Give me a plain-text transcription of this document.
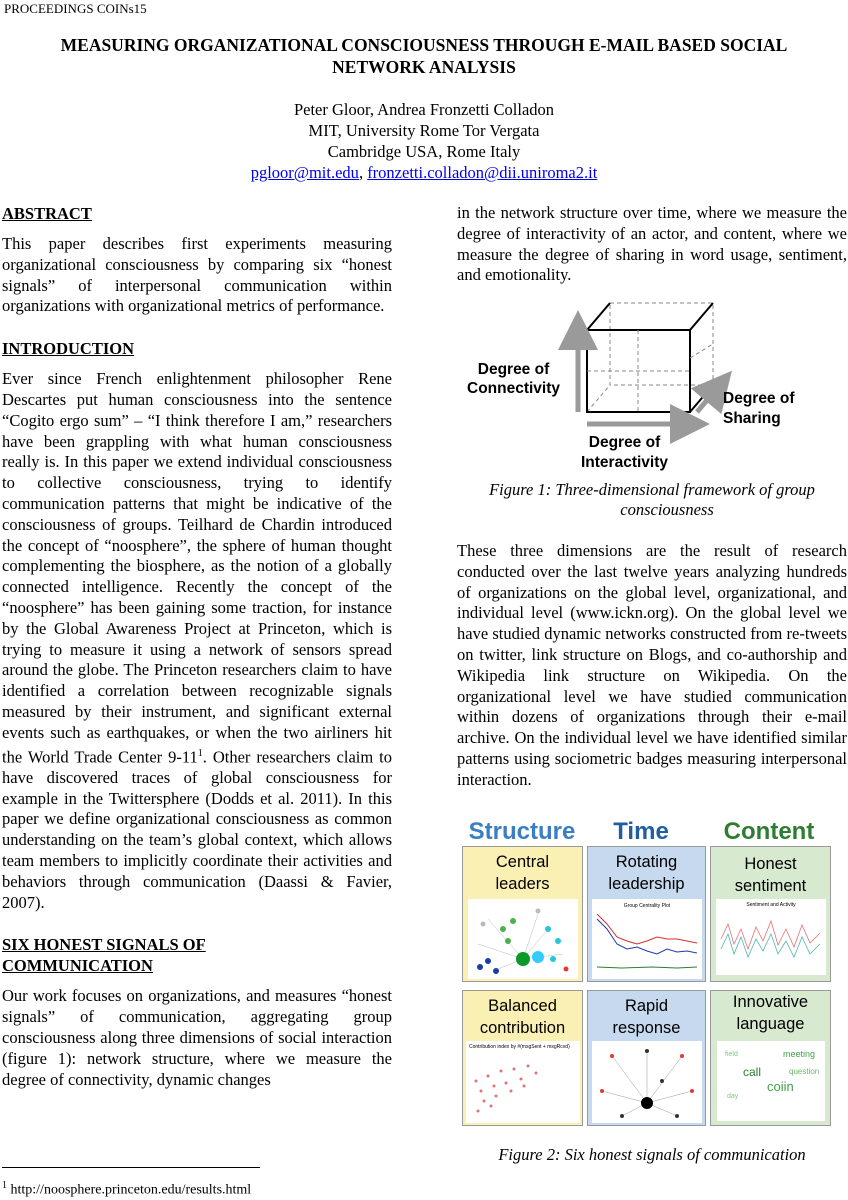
PROCEEDINGS COINs15
MEASURING ORGANIZATIONAL CONSCIOUSNESS THROUGH E-MAIL BASED SOCIAL
NETWORK ANALYSIS
Peter Gloor, Andrea Fronzetti Colladon
MIT, University Rome Tor Vergata
Cambridge USA, Rome Italy
pgloor@mit.edu, fronzetti.colladon@dii.uniroma2.it
ABSTRACT

This paper describes first experiments measuring organizational consciousness by comparing six “honest signals” of interpersonal communication within organizations with organizational metrics of performance.

INTRODUCTION

Ever since French enlightenment philosopher Rene Descartes put human consciousness into the sentence “Cogito ergo sum” – “I think therefore I am,” researchers have been grappling with what human consciousness really is. In this paper we extend individual consciousness to collective consciousness, trying to identify communication patterns that might be indicative of the consciousness of groups. Teilhard de Chardin introduced the concept of “noosphere”, the sphere of human thought complementing the biosphere, as the notion of a globally connected intelligence. Recently the concept of the “noosphere” has been gaining some traction, for instance by the Global Awareness Project at Princeton, which is trying to measure it using a network of sensors spread around the globe. The Princeton researchers claim to have identified a correlation between recognizable signals measured by their instrument, and significant external events such as earthquakes, or when the two airliners hit the World Trade Center $9-11^1$. Other researchers claim to have discovered traces of global consciousness for example in the Twittersphere (Dodds et al. 2011). In this paper we define organizational consciousness as common understanding on the team’s global context, which allows team members to implicitly coordinate their activities and behaviors through communication (Daassi & Favier, 2007).

SIX HONEST SIGNALS OF
COMMUNICATION

Our work focuses on organizations, and measures “honest signals” of communication, aggregating group consciousness along three dimensions of social interaction (figure 1): network structure, where we measure the degree of connectivity, dynamic changes

in the network structure over time, where we measure the degree of interactivity of an actor, and content, where we measure the degree of sharing in word usage, sentiment, and emotionality.
Degree of
Connectivity
Degree of
Sharing
Degree of
Interactivity
Figure 1: Three-dimensional framework of group
consciousness
These three dimensions are the result of research conducted over the last twelve years analyzing hundreds of organizations on the global level, organizational, and individual level (www.ickn.org). On the global level we have studied dynamic networks constructed from re-tweets on twitter, link structure on Blogs, and co-authorship and Wikipedia link structure on Wikipedia. On the organizational level we have studied communication within dozens of organizations through their e-mail archive. On the individual level we have identified similar patterns using sociometric badges measuring interpersonal interaction.
Structure	Time	Content
Central
leaders
Rotating
leadership
Group Centrality Plot
Honest
sentiment
Sentiment and Activity
Balanced
contribution
Contribution index by #(msgSent + msgRcvd)
Rapid
response
Innovative
language
meeting
call
coiin
question
field
day
Figure 2: Six honest signals of communication
$^1$ http://noosphere.princeton.edu/results.html
